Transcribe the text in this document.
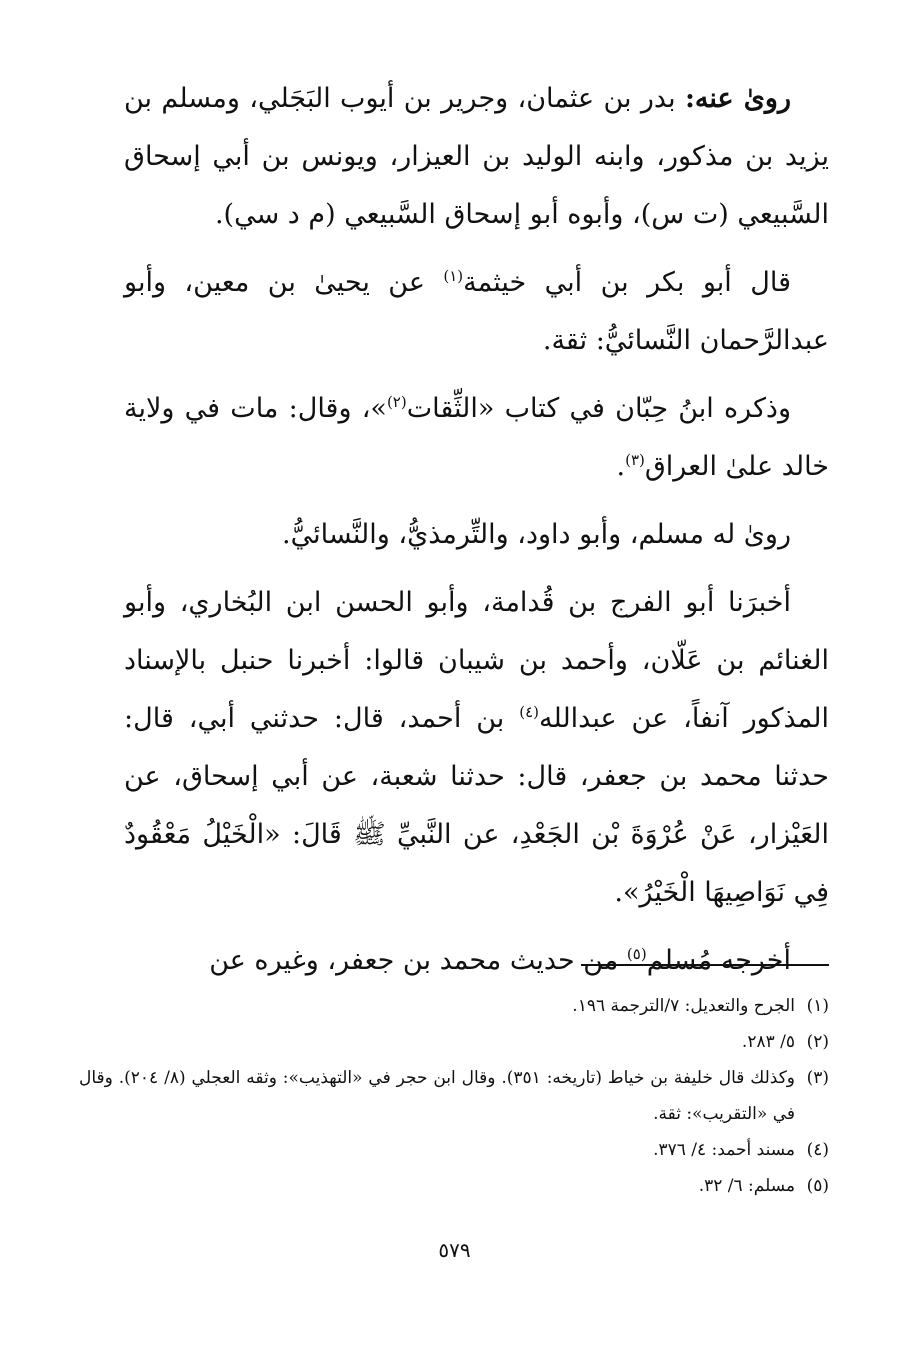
روىٰ عنه: بدر بن عثمان، وجرير بن أيوب البَجَلي، ومسلم بن يزيد بن مذكور، وابنه الوليد بن العيزار، ويونس بن أبي إسحاق السَّبيعي (ت س)، وأبوه أبو إسحاق السَّبيعي (م د سي).

قال أبو بكر بن أبي خيثمة$^{(١)}$ عن يحيىٰ بن معين، وأبو عبدالرَّحمان النَّسائيُّ: ثقة.

وذكره ابنُ حِبّان في كتاب «الثِّقات$^{(٢)}$»، وقال: مات في ولاية خالد علىٰ العراق$^{(٣)}$.

روىٰ له مسلم، وأبو داود، والتِّرمذيُّ، والنَّسائيُّ.

أخبرَنا أبو الفرج بن قُدامة، وأبو الحسن ابن البُخاري، وأبو الغنائم بن عَلّان، وأحمد بن شيبان قالوا: أخبرنا حنبل بالإسناد المذكور آنفاً، عن عبدالله$^{(٤)}$ بن أحمد، قال: حدثني أبي، قال: حدثنا محمد بن جعفر، قال: حدثنا شعبة، عن أبي إسحاق، عن العَيْزار، عَنْ عُرْوَةَ بْن الجَعْدِ، عن النَّبيِّ ﷺ قَالَ: «الْخَيْلُ مَعْقُودٌ فِي نَوَاصِيهَا الْخَيْرُ».

أخرجه مُسلم$^{(٥)}$ من حديث محمد بن جعفر، وغيره عن

(١)
الجرح والتعديل: ٧/الترجمة ١٩٦.
(٢)
٥/ ٢٨٣.
(٣)
وكذلك قال خليفة بن خياط (تاريخه: ٣٥١). وقال ابن حجر في «التهذيب»: وثقه العجلي (٨/ ٢٠٤). وقال في «التقريب»: ثقة.
(٤)
مسند أحمد: ٤/ ٣٧٦.
(٥)
مسلم: ٦/ ٣٢.
٥٧٩
